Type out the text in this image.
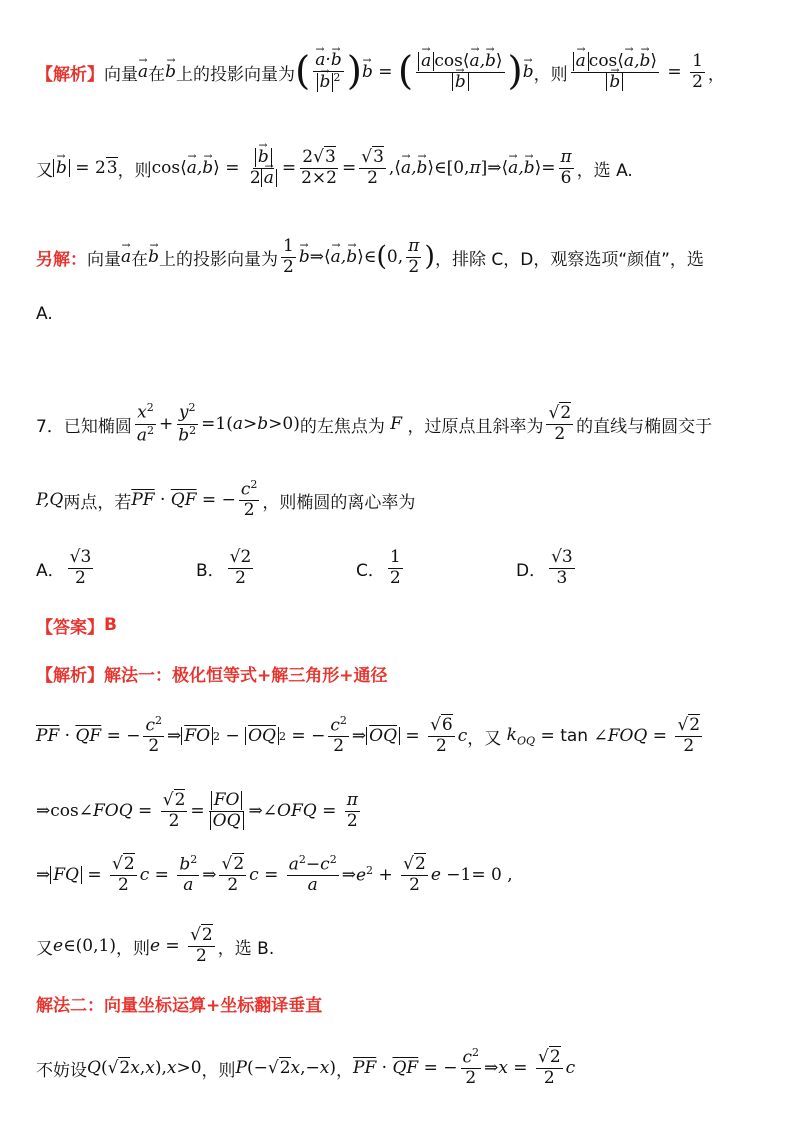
【解析】 向量 → a 在 → b 上的投影向量为 ( → a·→ b
→ b $^2$ ) → b = ( → a cos ⟨ → a,→ b ⟩
→ b ) → b ，则 → a cos ⟨ → a,→ b ⟩
→ $b = \frac{1}{2}$ ，
又 → b = 23 ，则 cos ⟨ → a,→ b ⟩ = → $\frac{b}{2 \to a} = \frac{2√3}{2\times 2} = \frac{√3}{2}$ , ⟨ → a,→ b ⟩ ∈[0,π]⇒ ⟨ → a,→ b ⟩ = $\frac{\pi}{6}$ ，选 A.
另解： 向量 → a 在 → b 上的投影向量为 $\frac{1}{2} \to b$ ⇒ ⟨ → a,→ b ⟩ ∈ ( 0, $\frac{\pi}{2}$ ) ，排除 C，D，观察选项“颜值”，选
A.
7．已知椭圆 $\frac{x^2}{a^2} + \frac{y^2}{b^2} =1(a>b>0)$ 的左焦点为 F ，过原点且斜率为 $\frac{√2}{2}$ 的直线与椭圆交于
P,Q 两点，若 $\overline{PF} \cdot \overline{QF}$ = − $\frac{c^2}{2}$ ，则椭圆的离心率为
A． $\frac{√3}{2}$	B． $\frac{√2}{2}$	C． $\frac{1}{2}$	D． $\frac{√3}{3}$
【答案】 B
【解析】解法一：极化恒等式+解三角形+通径
$\overline{PF} \cdot \overline{QF}$ = − $\frac{c^2}{2}$ ⇒ $\overline{FO}$ $2 - \overline{OQ}$ 2 = − $\frac{c^2}{2}$ ⇒ $\overline{OQ} = \frac{√6}{2}$ c ，又 $k_{OQ} = \tan$ ∠FOQ = $\frac{√2}{2}$
⇒cos ∠FOQ = $\frac{√2}{2} = \frac{FO}{OQ}$ ⇒ ∠OFQ = $\frac{\pi}{2}$
⇒ FQ = $\frac{√2}{2}$ $c = \frac{b^2}{a}$ ⇒ $\frac{√2}{2}$ $c = \frac{a^2-c^2}{a}$ ⇒ $e^2 + \frac{√2}{2}$ e −1= 0 ,
又 e ∈(0,1) ，则 $e = \frac{√2}{2}$ ，选 B.
解法二：向量坐标运算+坐标翻译垂直
不妨设 Q (√2x,x),x>0 ，则 P (−√2x,−x) ， $\overline{PF} \cdot \overline{QF}$ = − $\frac{c^2}{2}$ ⇒ $x = \frac{√2}{2}$ c
